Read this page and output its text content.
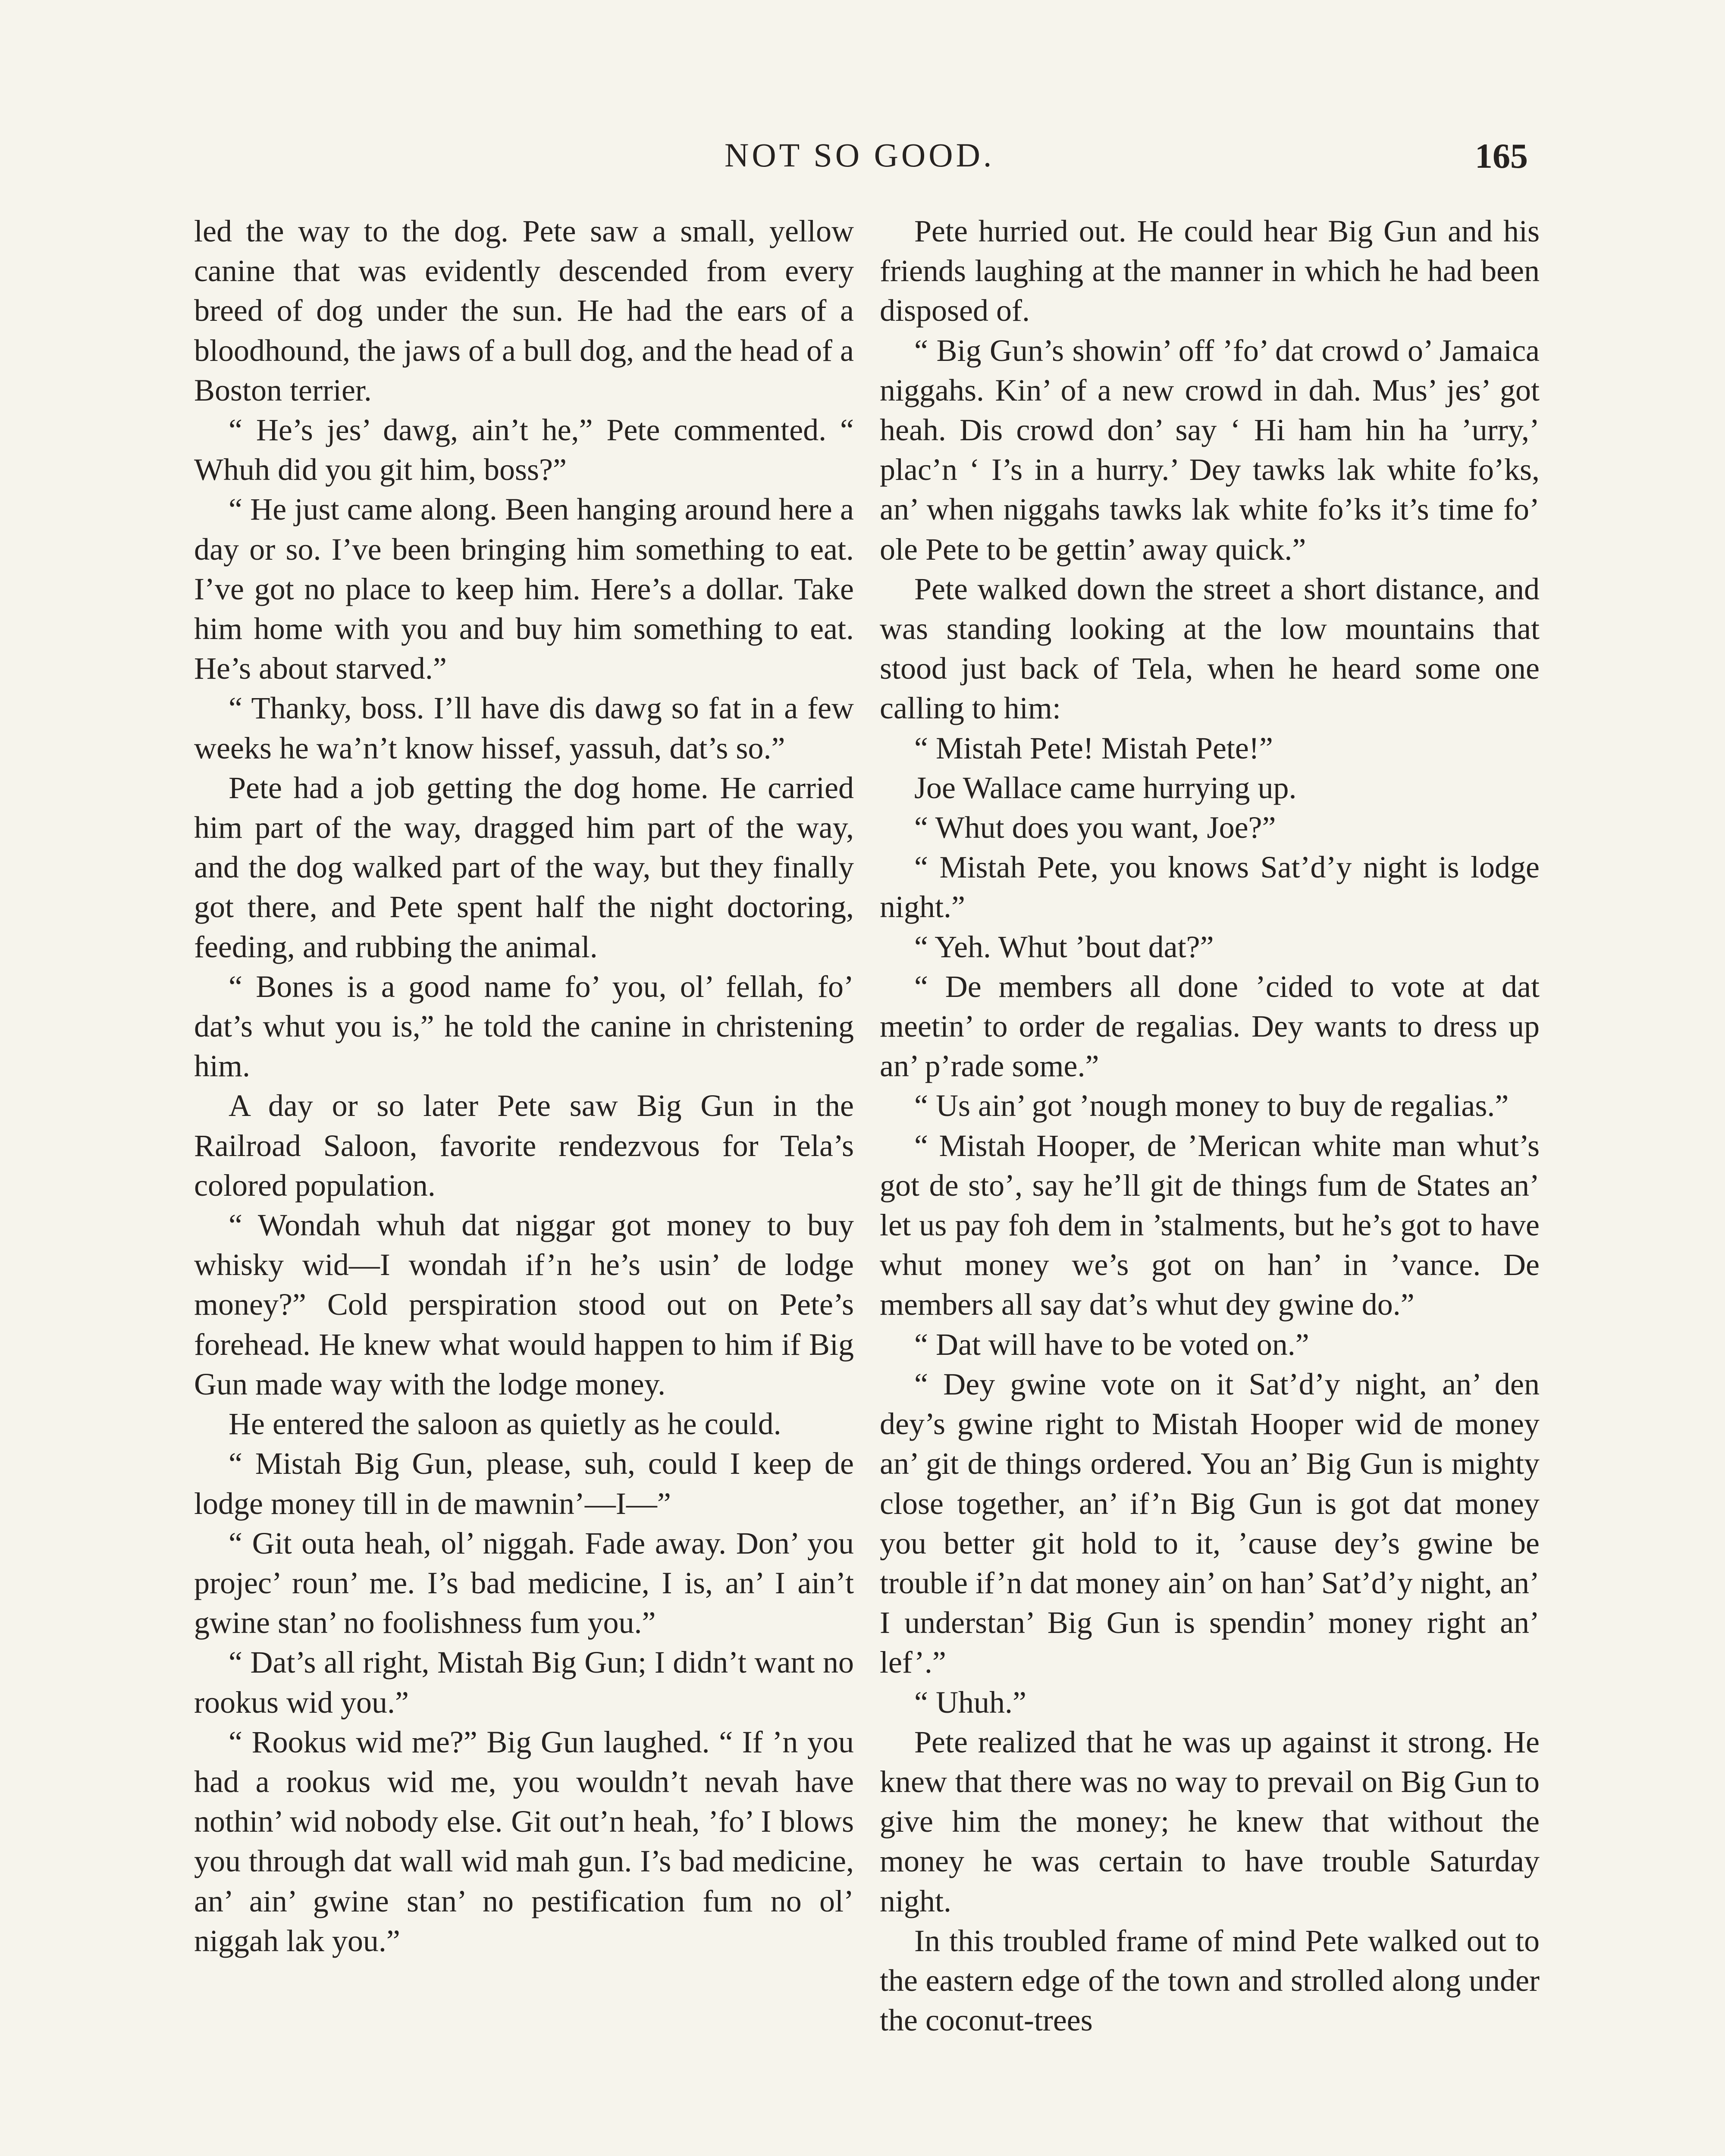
NOT SO GOOD.	165

led the way to the dog. Pete saw a small, yellow canine that was evidently descended from every breed of dog under the sun. He had the ears of a bloodhound, the jaws of a bull dog, and the head of a Boston terrier.

“ He’s jes’ dawg, ain’t he,” Pete commented. “ Whuh did you git him, boss?”

“ He just came along. Been hanging around here a day or so. I’ve been bringing him something to eat. I’ve got no place to keep him. Here’s a dollar. Take him home with you and buy him something to eat. He’s about starved.”

“ Thanky, boss. I’ll have dis dawg so fat in a few weeks he wa’n’t know hissef, yassuh, dat’s so.”

Pete had a job getting the dog home. He carried him part of the way, dragged him part of the way, and the dog walked part of the way, but they finally got there, and Pete spent half the night doctoring, feeding, and rubbing the animal.

“ Bones is a good name fo’ you, ol’ fellah, fo’ dat’s whut you is,” he told the canine in christening him.

A day or so later Pete saw Big Gun in the Railroad Saloon, favorite rendezvous for Tela’s colored population.

“ Wondah whuh dat niggar got money to buy whisky wid—I wondah if’n he’s usin’ de lodge money?” Cold perspiration stood out on Pete’s forehead. He knew what would happen to him if Big Gun made way with the lodge money.

He entered the saloon as quietly as he could.

“ Mistah Big Gun, please, suh, could I keep de lodge money till in de mawnin’—I—”

“ Git outa heah, ol’ niggah. Fade away. Don’ you projec’ roun’ me. I’s bad medicine, I is, an’ I ain’t gwine stan’ no foolishness fum you.”

“ Dat’s all right, Mistah Big Gun; I didn’t want no rookus wid you.”

“ Rookus wid me?” Big Gun laughed. “ If ’n you had a rookus wid me, you wouldn’t nevah have nothin’ wid nobody else. Git out’n heah, ’fo’ I blows you through dat wall wid mah gun. I’s bad medicine, an’ ain’ gwine stan’ no pestification fum no ol’ niggah lak you.”

Pete hurried out. He could hear Big Gun and his friends laughing at the manner in which he had been disposed of.

“ Big Gun’s showin’ off ’fo’ dat crowd o’ Jamaica niggahs. Kin’ of a new crowd in dah. Mus’ jes’ got heah. Dis crowd don’ say ‘ Hi ham hin ha ’urry,’ plac’n ‘ I’s in a hurry.’ Dey tawks lak white fo’ks, an’ when niggahs tawks lak white fo’ks it’s time fo’ ole Pete to be gettin’ away quick.”

Pete walked down the street a short distance, and was standing looking at the low mountains that stood just back of Tela, when he heard some one calling to him:

“ Mistah Pete! Mistah Pete!”

Joe Wallace came hurrying up.

“ Whut does you want, Joe?”

“ Mistah Pete, you knows Sat’d’y night is lodge night.”

“ Yeh. Whut ’bout dat?”

“ De members all done ’cided to vote at dat meetin’ to order de regalias. Dey wants to dress up an’ p’rade some.”

“ Us ain’ got ’nough money to buy de regalias.”

“ Mistah Hooper, de ’Merican white man whut’s got de sto’, say he’ll git de things fum de States an’ let us pay foh dem in ’stalments, but he’s got to have whut money we’s got on han’ in ’vance. De members all say dat’s whut dey gwine do.”

“ Dat will have to be voted on.”

“ Dey gwine vote on it Sat’d’y night, an’ den dey’s gwine right to Mistah Hooper wid de money an’ git de things ordered. You an’ Big Gun is mighty close together, an’ if’n Big Gun is got dat money you better git hold to it, ’cause dey’s gwine be trouble if’n dat money ain’ on han’ Sat’d’y night, an’ I understan’ Big Gun is spendin’ money right an’ lef’.”

“ Uhuh.”

Pete realized that he was up against it strong. He knew that there was no way to prevail on Big Gun to give him the money; he knew that without the money he was certain to have trouble Saturday night.

In this troubled frame of mind Pete walked out to the eastern edge of the town and strolled along under the coconut-trees
